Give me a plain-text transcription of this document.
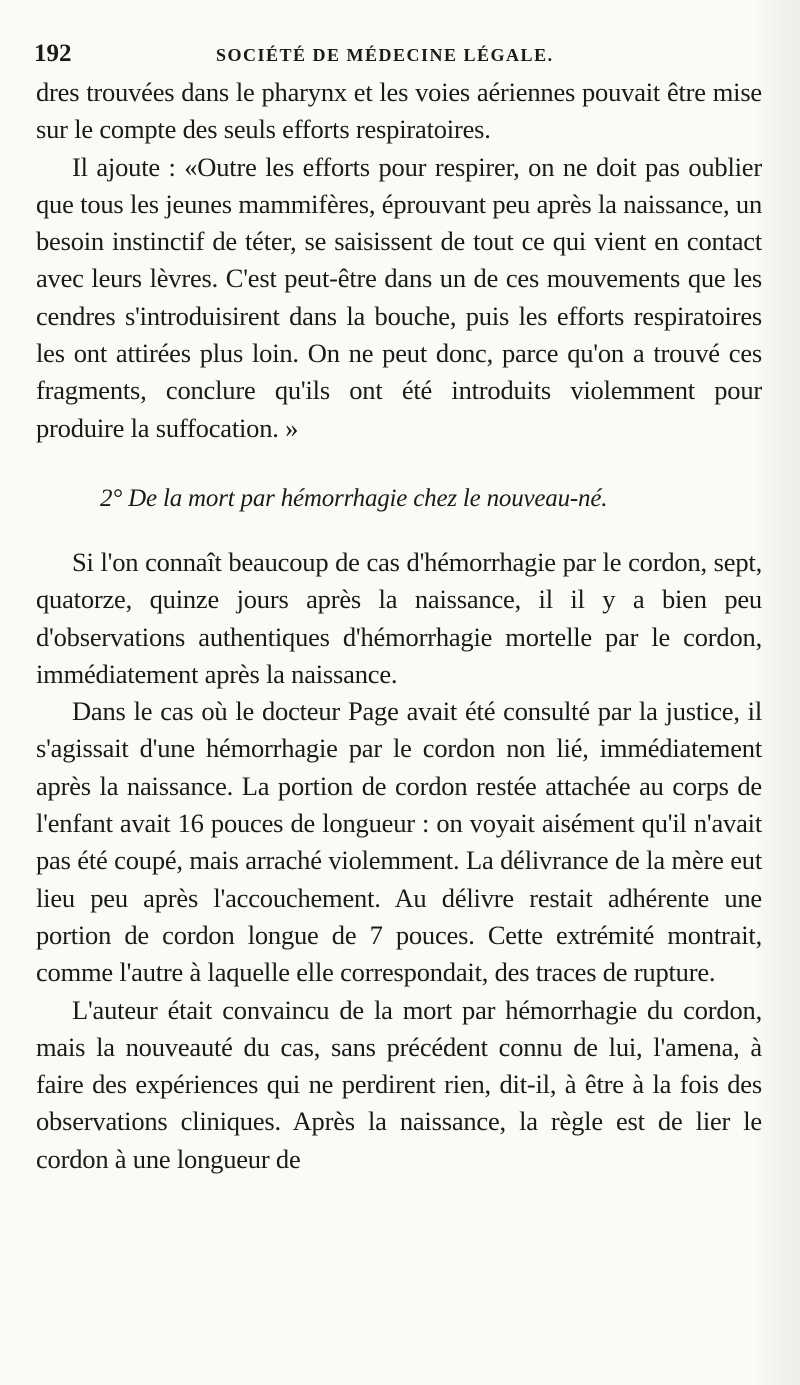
192	SOCIÉTÉ DE MÉDECINE LÉGALE.

dres trouvées dans le pharynx et les voies aériennes pouvait être mise sur le compte des seuls efforts respiratoires.

Il ajoute : «Outre les efforts pour respirer, on ne doit pas oublier que tous les jeunes mammifères, éprouvant peu après la naissance, un besoin instinctif de téter, se saisissent de tout ce qui vient en contact avec leurs lèvres. C'est peut-être dans un de ces mouvements que les cendres s'introduisirent dans la bouche, puis les efforts respiratoires les ont attirées plus loin. On ne peut donc, parce qu'on a trouvé ces fragments, conclure qu'ils ont été introduits violemment pour produire la suffocation. »

2° De la mort par hémorrhagie chez le nouveau-né.

Si l'on connaît beaucoup de cas d'hémorrhagie par le cordon, sept, quatorze, quinze jours après la naissance, il il y a bien peu d'observations authentiques d'hémorrhagie mortelle par le cordon, immédiatement après la naissance.

Dans le cas où le docteur Page avait été consulté par la justice, il s'agissait d'une hémorrhagie par le cordon non lié, immédiatement après la naissance. La portion de cordon restée attachée au corps de l'enfant avait 16 pouces de longueur : on voyait aisément qu'il n'avait pas été coupé, mais arraché violemment. La délivrance de la mère eut lieu peu après l'accouchement. Au délivre restait adhérente une portion de cordon longue de 7 pouces. Cette extrémité montrait, comme l'autre à laquelle elle correspondait, des traces de rupture.

L'auteur était convaincu de la mort par hémorrhagie du cordon, mais la nouveauté du cas, sans précédent connu de lui, l'amena, à faire des expériences qui ne perdirent rien, dit-il, à être à la fois des observations cliniques. Après la naissance, la règle est de lier le cordon à une longueur de
